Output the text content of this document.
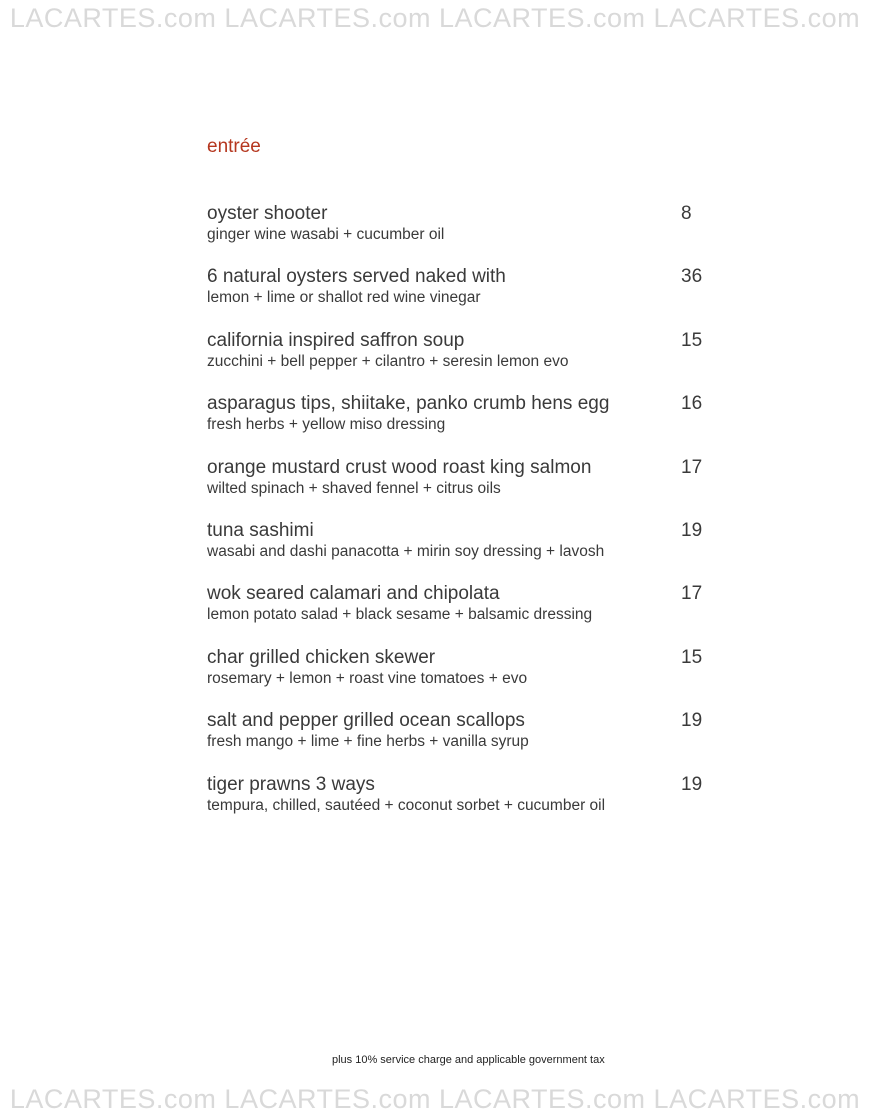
LACARTES.com LACARTES.com LACARTES.com LACARTES.com
entrée
oyster shooter
ginger wine wasabi + cucumber oil
8
6 natural oysters served naked with
lemon + lime or shallot red wine vinegar
36
california inspired saffron soup
zucchini + bell pepper + cilantro + seresin lemon evo
15
asparagus tips, shiitake, panko crumb hens egg
fresh herbs + yellow miso dressing
16
orange mustard crust wood roast king salmon
wilted spinach + shaved fennel + citrus oils
17
tuna sashimi
wasabi and dashi panacotta + mirin soy dressing + lavosh
19
wok seared calamari and chipolata
lemon potato salad + black sesame + balsamic dressing
17
char grilled chicken skewer
rosemary + lemon + roast vine tomatoes + evo
15
salt and pepper grilled ocean scallops
fresh mango + lime + fine herbs + vanilla syrup
19
tiger prawns 3 ways
tempura, chilled, sautéed + coconut sorbet + cucumber oil
19
plus 10% service charge and applicable government tax
LACARTES.com LACARTES.com LACARTES.com LACARTES.com
